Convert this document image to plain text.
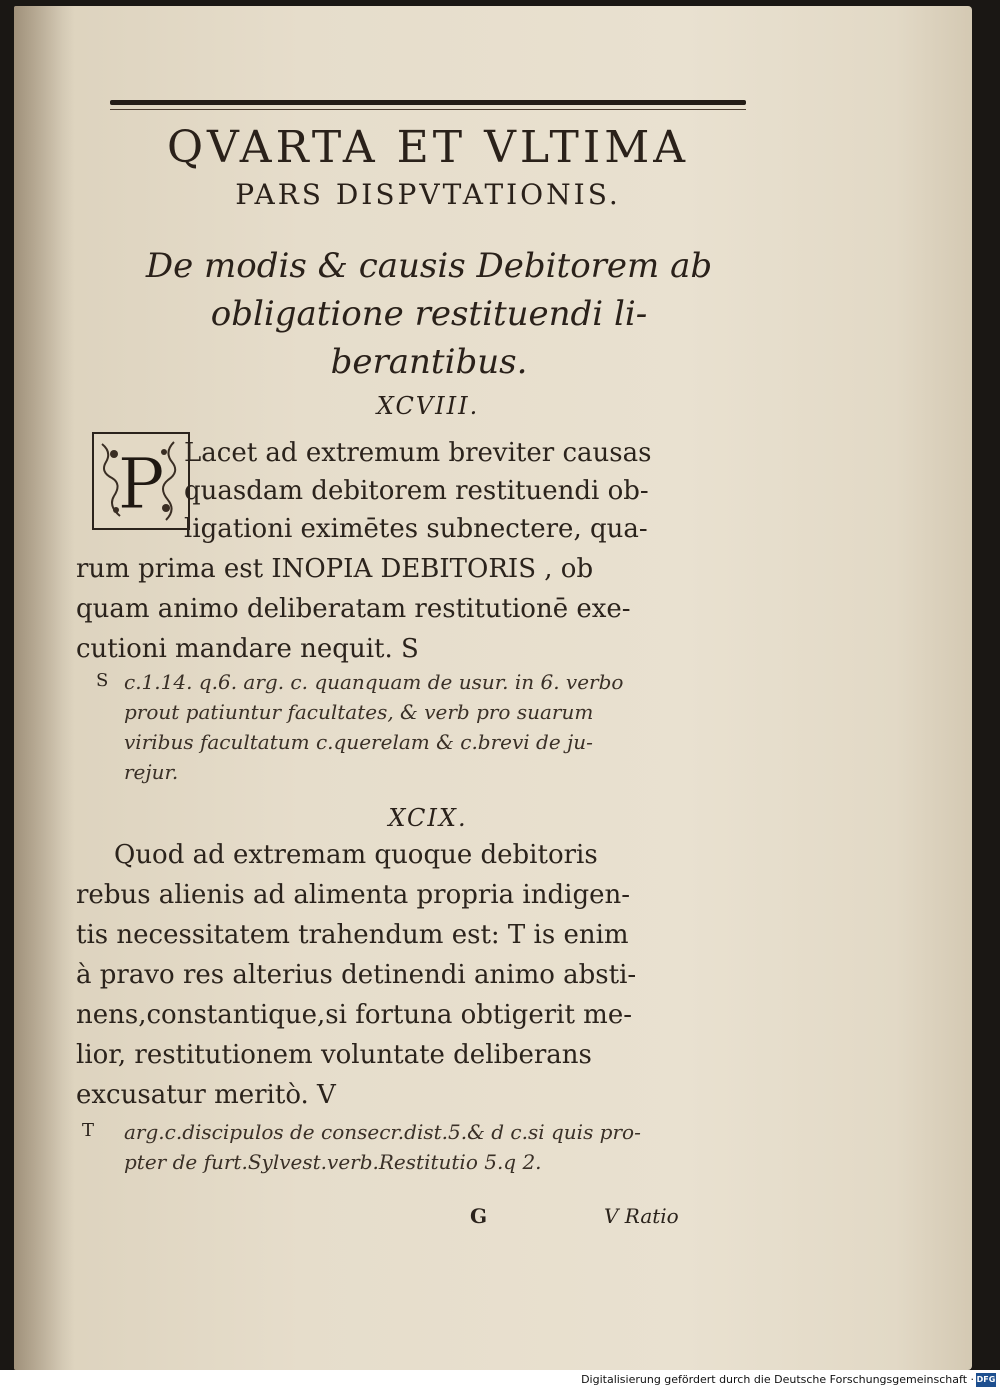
QVARTA ET VLTIMA
PARS DISPVTATIONIS.
De modis & causis Debitorem ab
obligatione restituendi li-
berantibus.
XCVIII.
P Lacet ad extremum breviter causas
quasdam debitorem restituendi ob-
ligationi eximētes subnectere, qua-
rum prima est INOPIA DEBITORIS , ob
quam animo deliberatam restitutionē exe-
cutioni mandare nequit. S
S c.1.14. q.6. arg. c. quanquam de usur. in 6. verbo
prout patiuntur facultates, & verb pro suarum
viribus facultatum c.querelam & c.brevi de ju-
rejur.
XCIX.
Quod ad extremam quoque debitoris
rebus alienis ad alimenta propria indigen-
tis necessitatem trahendum est: T is enim
à pravo res alterius detinendi animo absti-
nens,constantique,si fortuna obtigerit me-
lior, restitutionem voluntate deliberans
excusatur meritò. V
T arg.c.discipulos de consecr.dist.5.& d c.si quis pro-
pter de furt.Sylvest.verb.Restitutio 5.q 2.
G	V Ratio
Digitalisierung gefördert durch die Deutsche Forschungsgemeinschaft · DFG
